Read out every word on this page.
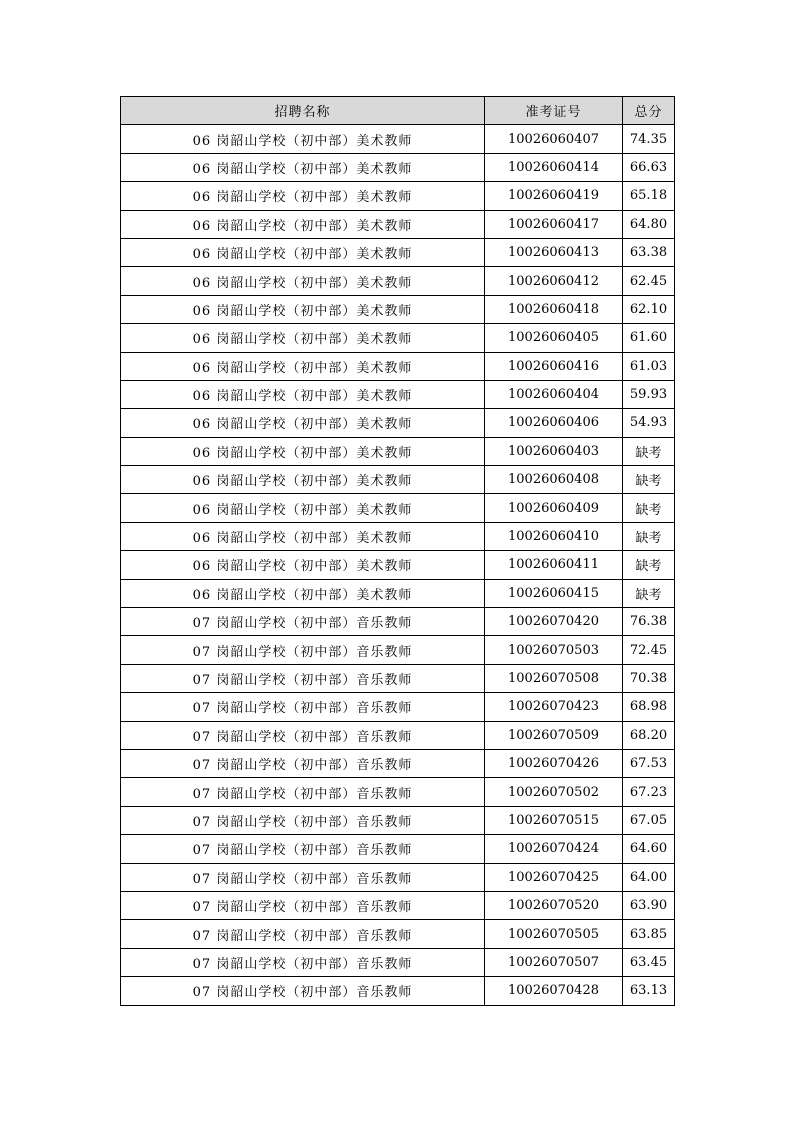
招聘名称	准考证号	总分
06 岗韶山学校（初中部）美术教师	10026060407	74.35
06 岗韶山学校（初中部）美术教师	10026060414	66.63
06 岗韶山学校（初中部）美术教师	10026060419	65.18
06 岗韶山学校（初中部）美术教师	10026060417	64.80
06 岗韶山学校（初中部）美术教师	10026060413	63.38
06 岗韶山学校（初中部）美术教师	10026060412	62.45
06 岗韶山学校（初中部）美术教师	10026060418	62.10
06 岗韶山学校（初中部）美术教师	10026060405	61.60
06 岗韶山学校（初中部）美术教师	10026060416	61.03
06 岗韶山学校（初中部）美术教师	10026060404	59.93
06 岗韶山学校（初中部）美术教师	10026060406	54.93
06 岗韶山学校（初中部）美术教师	10026060403	缺考
06 岗韶山学校（初中部）美术教师	10026060408	缺考
06 岗韶山学校（初中部）美术教师	10026060409	缺考
06 岗韶山学校（初中部）美术教师	10026060410	缺考
06 岗韶山学校（初中部）美术教师	10026060411	缺考
06 岗韶山学校（初中部）美术教师	10026060415	缺考
07 岗韶山学校（初中部）音乐教师	10026070420	76.38
07 岗韶山学校（初中部）音乐教师	10026070503	72.45
07 岗韶山学校（初中部）音乐教师	10026070508	70.38
07 岗韶山学校（初中部）音乐教师	10026070423	68.98
07 岗韶山学校（初中部）音乐教师	10026070509	68.20
07 岗韶山学校（初中部）音乐教师	10026070426	67.53
07 岗韶山学校（初中部）音乐教师	10026070502	67.23
07 岗韶山学校（初中部）音乐教师	10026070515	67.05
07 岗韶山学校（初中部）音乐教师	10026070424	64.60
07 岗韶山学校（初中部）音乐教师	10026070425	64.00
07 岗韶山学校（初中部）音乐教师	10026070520	63.90
07 岗韶山学校（初中部）音乐教师	10026070505	63.85
07 岗韶山学校（初中部）音乐教师	10026070507	63.45
07 岗韶山学校（初中部）音乐教师	10026070428	63.13
